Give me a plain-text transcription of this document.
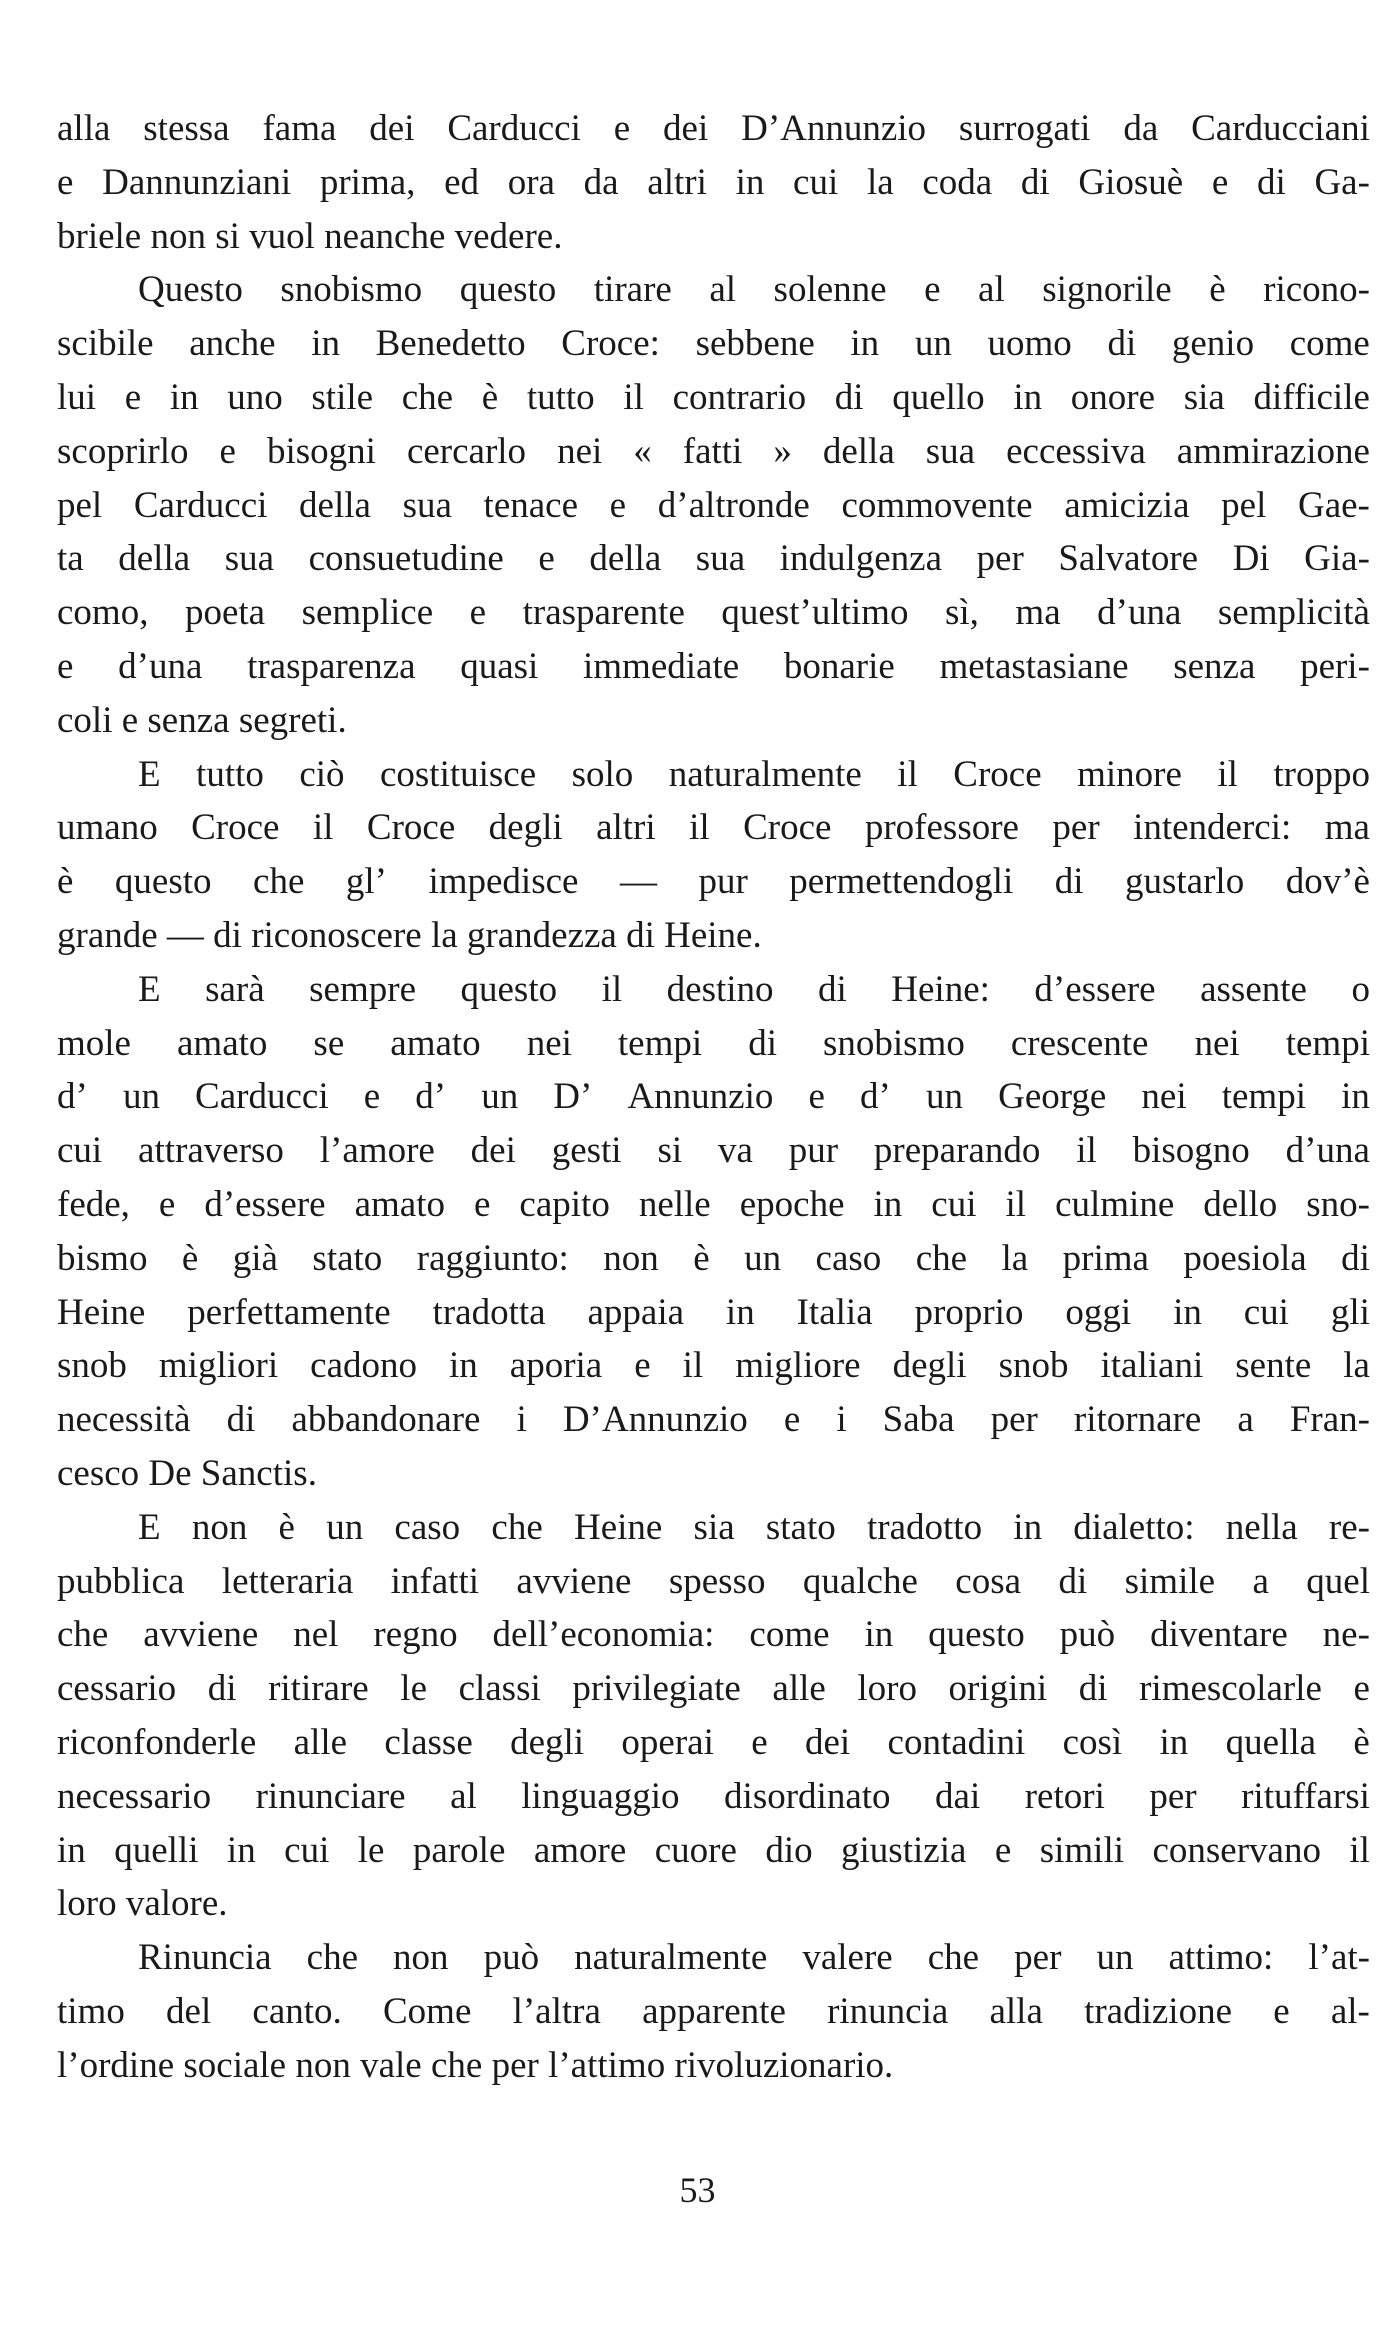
alla stessa fama dei Carducci e dei D’Annunzio surrogati da Carducciani
e Dannunziani prima, ed ora da altri in cui la coda di Giosuè e di Ga-
briele non si vuol neanche vedere.
Questo snobismo questo tirare al solenne e al signorile è ricono-
scibile anche in Benedetto Croce: sebbene in un uomo di genio come
lui e in uno stile che è tutto il contrario di quello in onore sia difficile
scoprirlo e bisogni cercarlo nei « fatti » della sua eccessiva ammirazione
pel Carducci della sua tenace e d’altronde commovente amicizia pel Gae-
ta della sua consuetudine e della sua indulgenza per Salvatore Di Gia-
como, poeta semplice e trasparente quest’ultimo sì, ma d’una semplicità
e d’una trasparenza quasi immediate bonarie metastasiane senza peri-
coli e senza segreti.
E tutto ciò costituisce solo naturalmente il Croce minore il troppo
umano Croce il Croce degli altri il Croce professore per intenderci: ma
è questo che gl’ impedisce — pur permettendogli di gustarlo dov’è
grande — di riconoscere la grandezza di Heine.
E sarà sempre questo il destino di Heine: d’essere assente o
mole amato se amato nei tempi di snobismo crescente nei tempi
d’ un Carducci e d’ un D’ Annunzio e d’ un George nei tempi in
cui attraverso l’amore dei gesti si va pur preparando il bisogno d’una
fede, e d’essere amato e capito nelle epoche in cui il culmine dello sno-
bismo è già stato raggiunto: non è un caso che la prima poesiola di
Heine perfettamente tradotta appaia in Italia proprio oggi in cui gli
snob migliori cadono in aporia e il migliore degli snob italiani sente la
necessità di abbandonare i D’Annunzio e i Saba per ritornare a Fran-
cesco De Sanctis.
E non è un caso che Heine sia stato tradotto in dialetto: nella re-
pubblica letteraria infatti avviene spesso qualche cosa di simile a quel
che avviene nel regno dell’economia: come in questo può diventare ne-
cessario di ritirare le classi privilegiate alle loro origini di rimescolarle e
riconfonderle alle classe degli operai e dei contadini così in quella è
necessario rinunciare al linguaggio disordinato dai retori per rituffarsi
in quelli in cui le parole amore cuore dio giustizia e simili conservano il
loro valore.
Rinuncia che non può naturalmente valere che per un attimo: l’at-
timo del canto. Come l’altra apparente rinuncia alla tradizione e al-
l’ordine sociale non vale che per l’attimo rivoluzionario.
53
